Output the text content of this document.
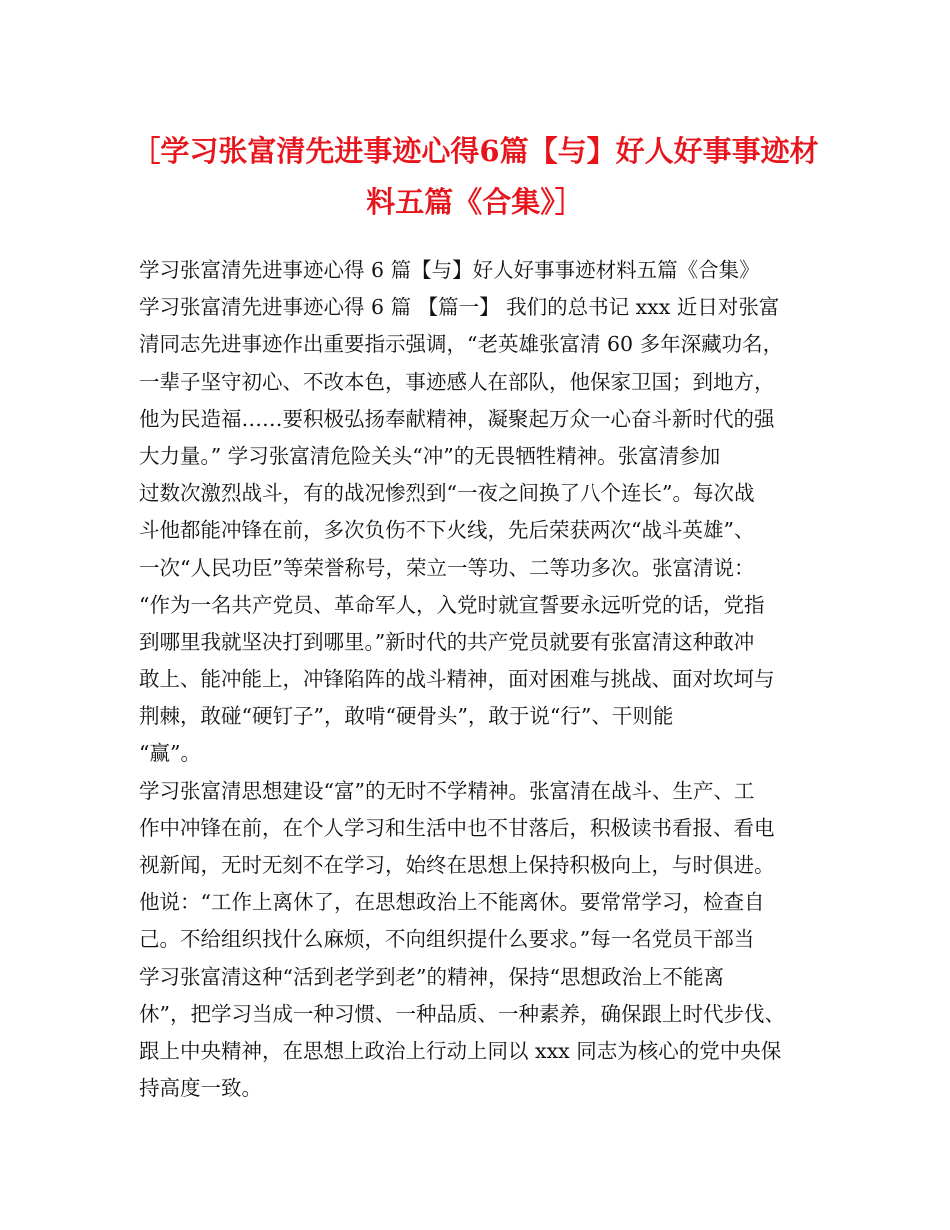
［学习张富清先进事迹心得6篇【与】好人好事事迹材
料五篇《合集》］
学习张富清先进事迹心得 6 篇【与】好人好事事迹材料五篇《合集》
学习张富清先进事迹心得 6 篇 【篇一】 我们的总书记 xxx 近日对张富
清同志先进事迹作出重要指示强调，“老英雄张富清 60 多年深藏功名，
一辈子坚守初心、不改本色，事迹感人在部队，他保家卫国；到地方，
他为民造福……要积极弘扬奉献精神，凝聚起万众一心奋斗新时代的强
大力量。” 学习张富清危险关头“冲”的无畏牺牲精神。张富清参加
过数次激烈战斗，有的战况惨烈到“一夜之间换了八个连长”。每次战
斗他都能冲锋在前，多次负伤不下火线，先后荣获两次“战斗英雄”、
一次“人民功臣”等荣誉称号，荣立一等功、二等功多次。张富清说：
“作为一名共产党员、革命军人，入党时就宣誓要永远听党的话，党指
到哪里我就坚决打到哪里。”新时代的共产党员就要有张富清这种敢冲
敢上、能冲能上，冲锋陷阵的战斗精神，面对困难与挑战、面对坎坷与
荆棘，敢碰“硬钉子”，敢啃“硬骨头”，敢于说“行”、干则能
“赢”。
学习张富清思想建设“富”的无时不学精神。张富清在战斗、生产、工
作中冲锋在前，在个人学习和生活中也不甘落后，积极读书看报、看电
视新闻，无时无刻不在学习，始终在思想上保持积极向上，与时俱进。
他说：“工作上离休了，在思想政治上不能离休。要常常学习，检查自
己。不给组织找什么麻烦，不向组织提什么要求。”每一名党员干部当
学习张富清这种“活到老学到老”的精神，保持“思想政治上不能离
休”，把学习当成一种习惯、一种品质、一种素养，确保跟上时代步伐、
跟上中央精神，在思想上政治上行动上同以 xxx 同志为核心的党中央保
持高度一致。
